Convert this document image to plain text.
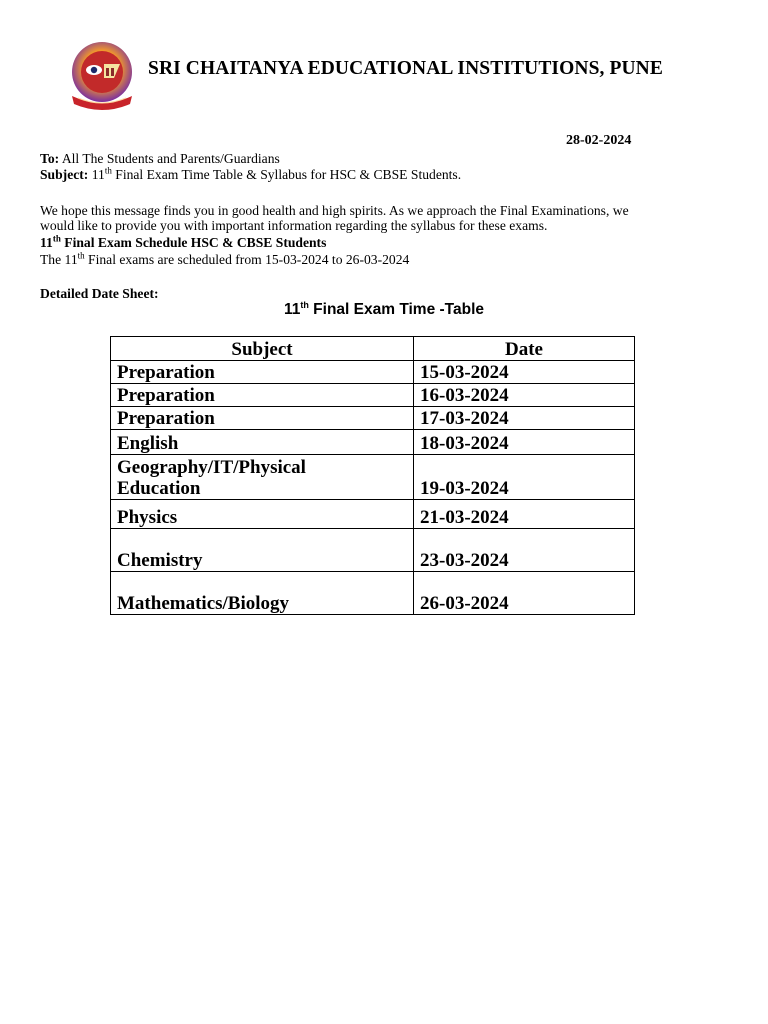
SRI CHAITANYA EDUCATIONAL INSTITUTIONS, PUNE
28-02-2024
To: All The Students and Parents/Guardians
Subject: 11th Final Exam Time Table & Syllabus for HSC & CBSE Students.
We hope this message finds you in good health and high spirits. As we approach the Final Examinations, we
would like to provide you with important information regarding the syllabus for these exams.
11th Final Exam Schedule HSC & CBSE Students
The 11th Final exams are scheduled from 15-03-2024 to 26-03-2024
Detailed Date Sheet:
11th Final Exam Time -Table
Subject	Date
Preparation	15-03-2024
Preparation	16-03-2024
Preparation	17-03-2024
English	18-03-2024

Geography/IT/Physical
Education	19-03-2024
Physics	21-03-2024
Chemistry	23-03-2024
Mathematics/Biology	26-03-2024
